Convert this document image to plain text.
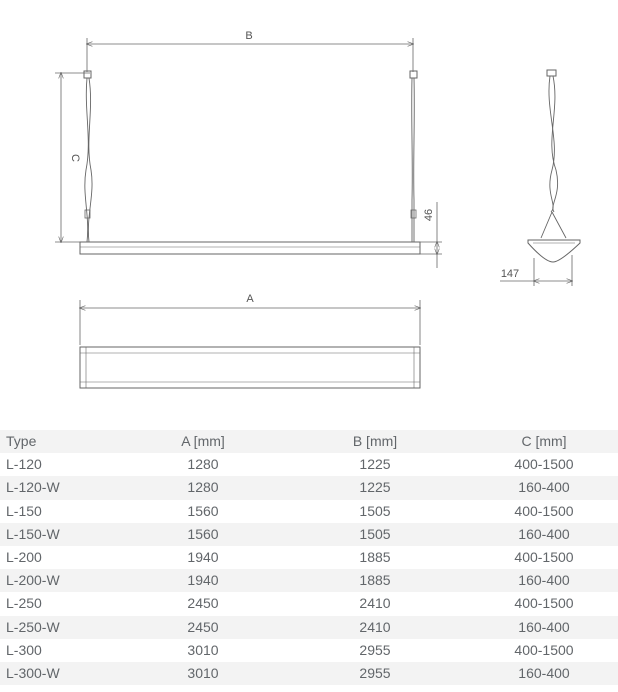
B
C
46
147
A
Type	A [mm]	B [mm]	C [mm]
L-120	1280	1225	400-1500
L-120-W	1280	1225	160-400
L-150	1560	1505	400-1500
L-150-W	1560	1505	160-400
L-200	1940	1885	400-1500
L-200-W	1940	1885	160-400
L-250	2450	2410	400-1500
L-250-W	2450	2410	160-400
L-300	3010	2955	400-1500
L-300-W	3010	2955	160-400
